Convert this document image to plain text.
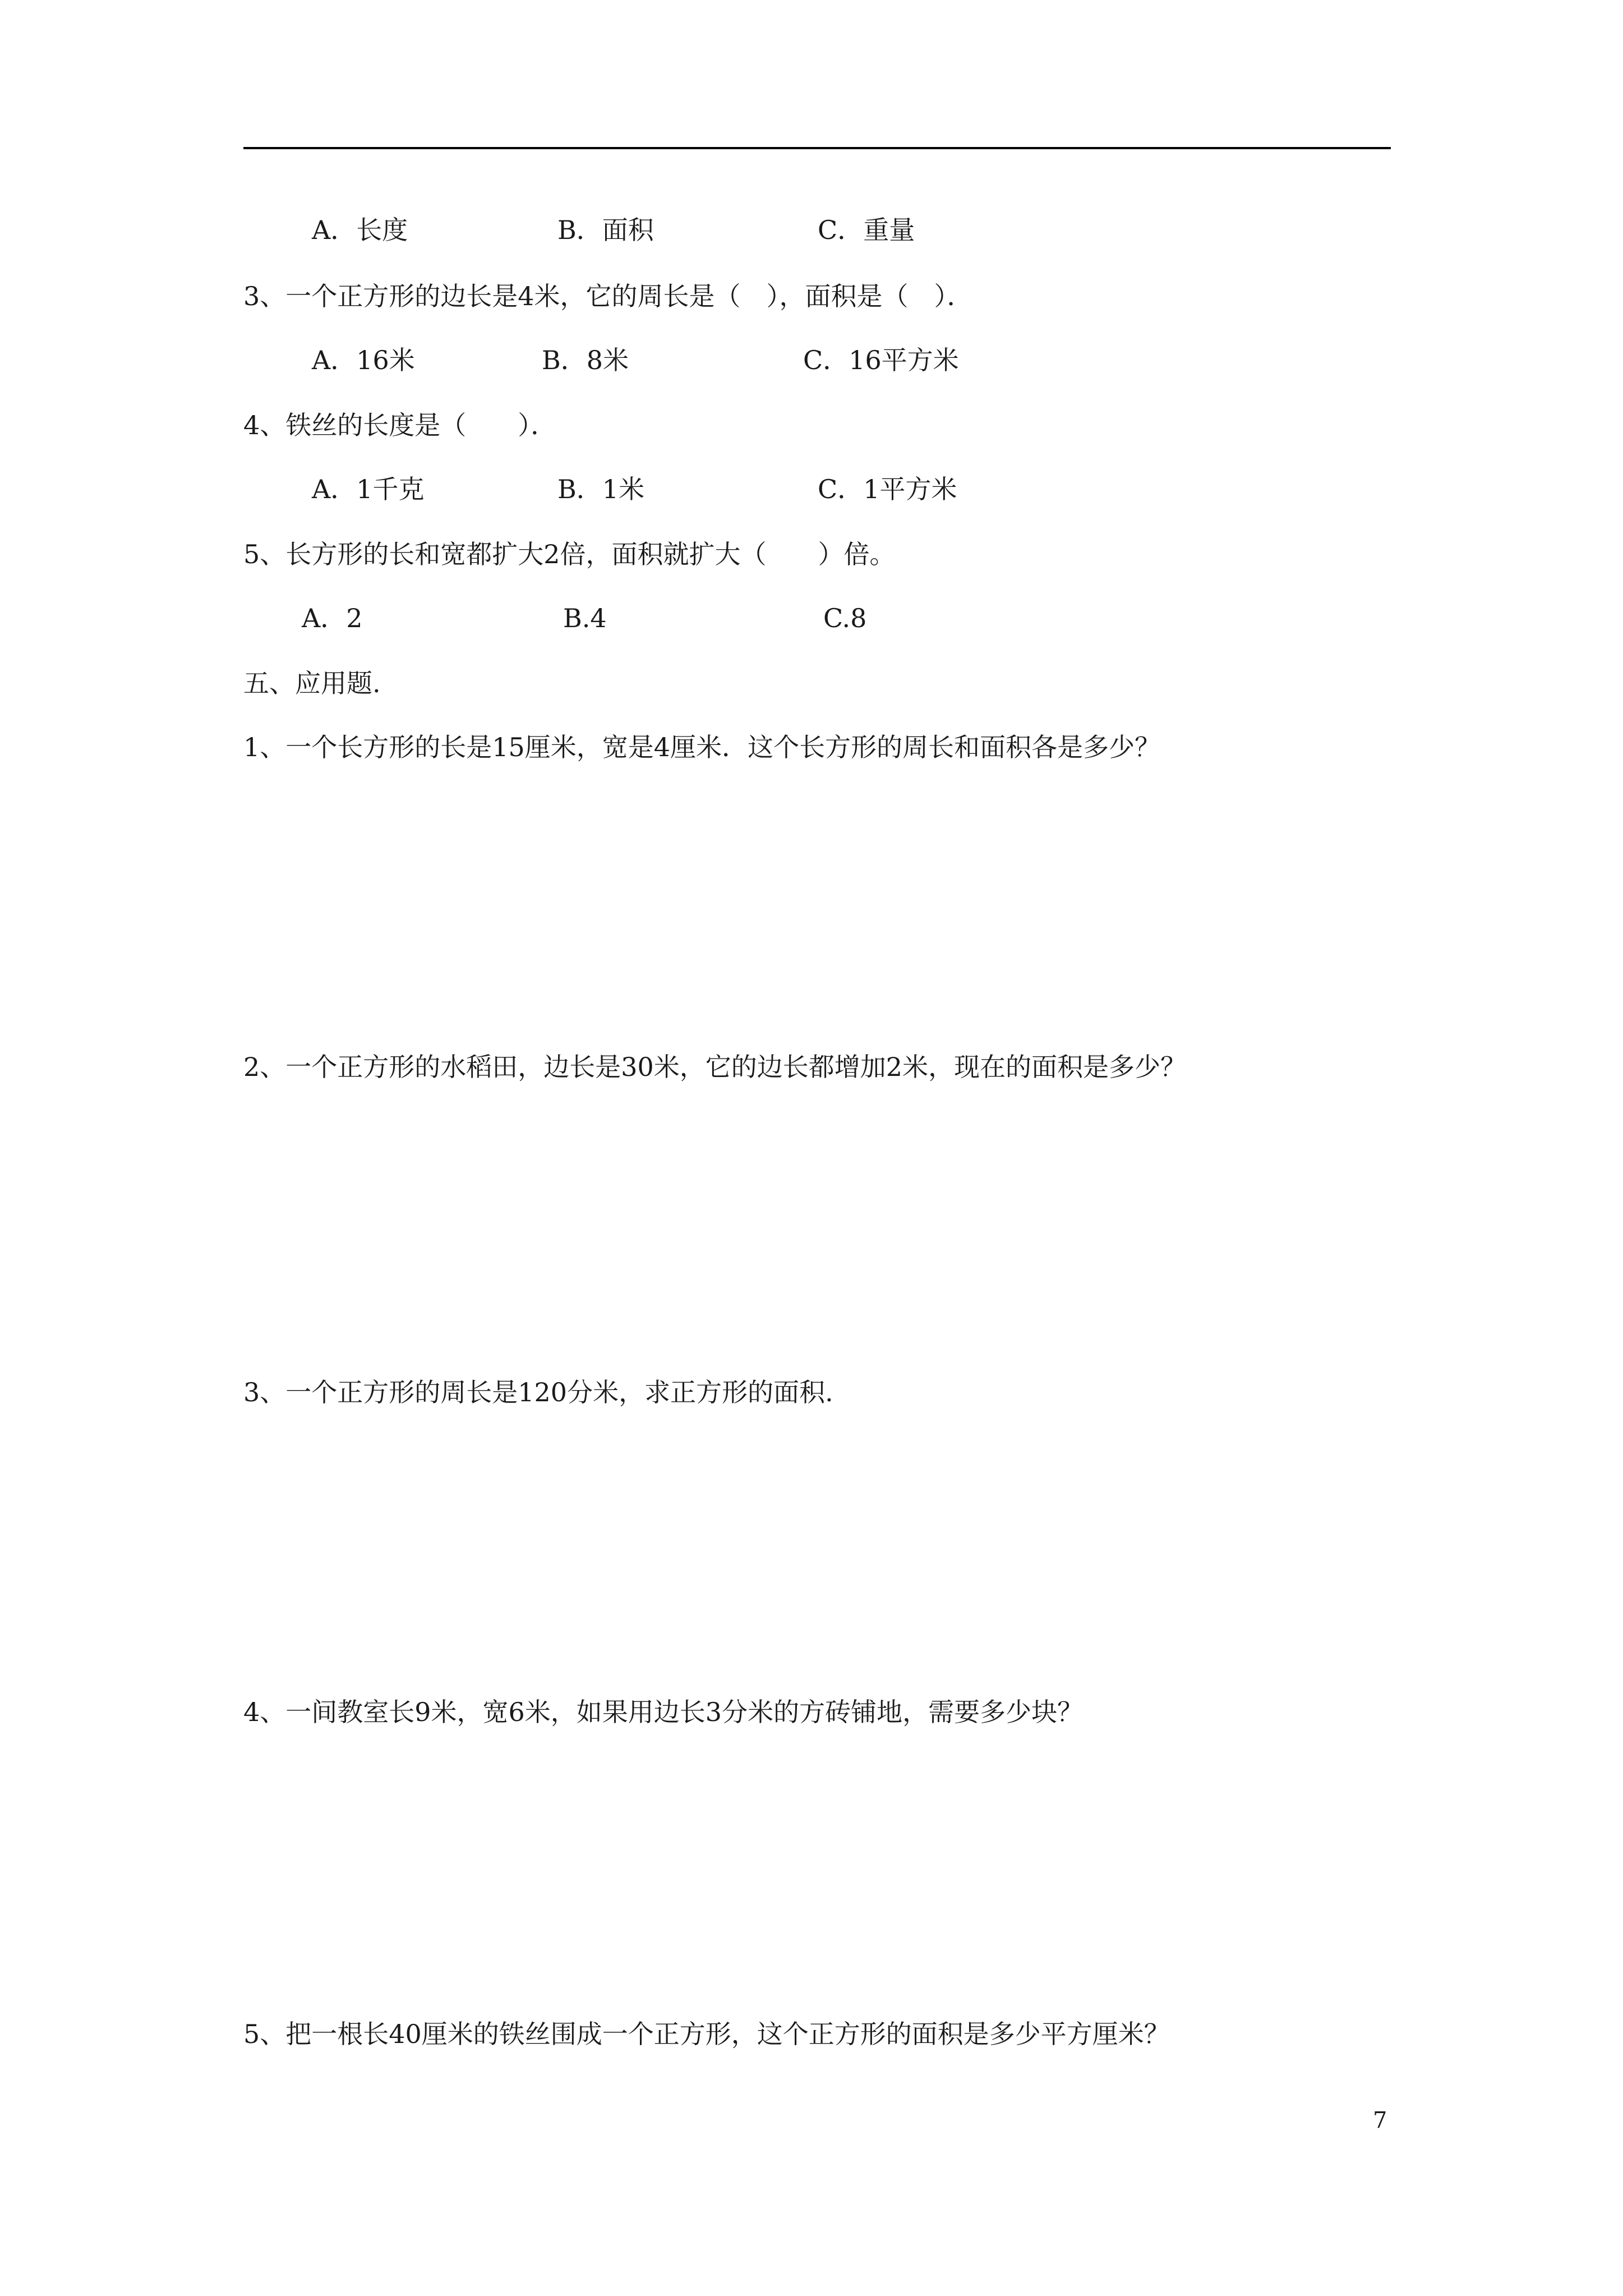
A．长度	B．面积	C．重量
3、一个正方形的边长是4米，它的周长是（　），面积是（　）．
A．16米	B．8米	C．16平方米
4、铁丝的长度是（　　）．
A．1千克	B．1米	C．1平方米
5、长方形的长和宽都扩大2倍，面积就扩大（　　）倍。
A．2	B.4	C.8
五、应用题.
1、一个长方形的长是15厘米，宽是4厘米．这个长方形的周长和面积各是多少？
2、一个正方形的水稻田，边长是30米，它的边长都增加2米，现在的面积是多少？
3、一个正方形的周长是120分米，求正方形的面积.
4、一间教室长9米，宽6米，如果用边长3分米的方砖铺地，需要多少块？
5、把一根长40厘米的铁丝围成一个正方形，这个正方形的面积是多少平方厘米？
7
